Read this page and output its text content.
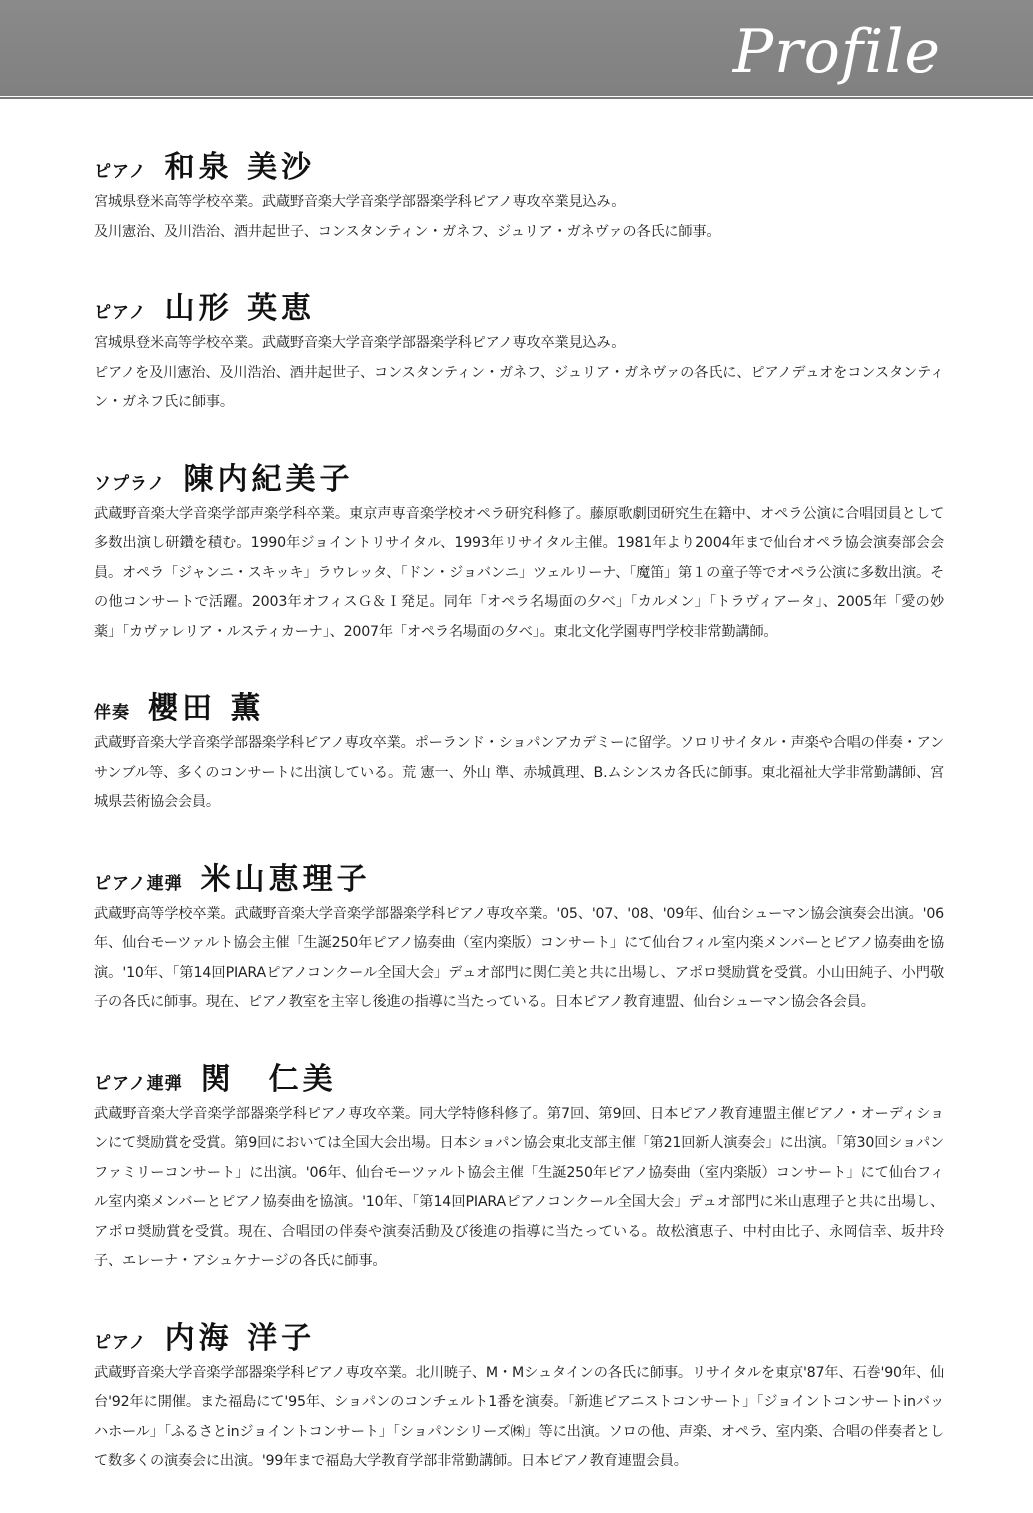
Profile
ピアノ 和泉 美沙

宮城県登米高等学校卒業。武蔵野音楽大学音楽学部器楽学科ピアノ専攻卒業見込み。
及川憲治、及川浩治、酒井起世子、コンスタンティン・ガネフ、ジュリア・ガネヴァの各氏に師事。

ピアノ 山形 英恵

宮城県登米高等学校卒業。武蔵野音楽大学音楽学部器楽学科ピアノ専攻卒業見込み。
ピアノを及川憲治、及川浩治、酒井起世子、コンスタンティン・ガネフ、ジュリア・ガネヴァの各氏に、ピアノデュオをコンスタンティン・ガネフ氏に師事。

ソプラノ 陳内紀美子

武蔵野音楽大学音楽学部声楽学科卒業。東京声専音楽学校オペラ研究科修了。藤原歌劇団研究生在籍中、オペラ公演に合唱団員として多数出演し研鑽を積む。1990年ジョイントリサイタル、1993年リサイタル主催。1981年より2004年まで仙台オペラ協会演奏部会会員。オペラ「ジャンニ・スキッキ」ラウレッタ、「ドン・ジョバンニ」ツェルリーナ、「魔笛」第１の童子等でオペラ公演に多数出演。その他コンサートで活躍。2003年オフィスＧ＆Ｉ発足。同年「オペラ名場面の夕べ」「カルメン」「トラヴィアータ」、2005年「愛の妙薬」「カヴァレリア・ルスティカーナ」、2007年「オペラ名場面の夕べ」。東北文化学園専門学校非常勤講師。

伴奏 櫻田 薫

武蔵野音楽大学音楽学部器楽学科ピアノ専攻卒業。ポーランド・ショパンアカデミーに留学。ソロリサイタル・声楽や合唱の伴奏・アンサンブル等、多くのコンサートに出演している。荒 憲一、外山 準、赤城眞理、B.ムシンスカ各氏に師事。東北福祉大学非常勤講師、宮城県芸術協会会員。

ピアノ連弾 米山恵理子

武蔵野高等学校卒業。武蔵野音楽大学音楽学部器楽学科ピアノ専攻卒業。'05、'07、'08、'09年、仙台シューマン協会演奏会出演。'06年、仙台モーツァルト協会主催「生誕250年ピアノ協奏曲（室内楽版）コンサート」にて仙台フィル室内楽メンバーとピアノ協奏曲を協演。'10年、「第14回PIARAピアノコンクール全国大会」デュオ部門に関仁美と共に出場し、アポロ奨励賞を受賞。小山田純子、小門敬子の各氏に師事。現在、ピアノ教室を主宰し後進の指導に当たっている。日本ピアノ教育連盟、仙台シューマン協会各会員。

ピアノ連弾 関　仁美

武蔵野音楽大学音楽学部器楽学科ピアノ専攻卒業。同大学特修科修了。第7回、第9回、日本ピアノ教育連盟主催ピアノ・オーディションにて奨励賞を受賞。第9回においては全国大会出場。日本ショパン協会東北支部主催「第21回新人演奏会」に出演。「第30回ショパンファミリーコンサート」に出演。'06年、仙台モーツァルト協会主催「生誕250年ピアノ協奏曲（室内楽版）コンサート」にて仙台フィル室内楽メンバーとピアノ協奏曲を協演。'10年、「第14回PIARAピアノコンクール全国大会」デュオ部門に米山恵理子と共に出場し、アポロ奨励賞を受賞。現在、合唱団の伴奏や演奏活動及び後進の指導に当たっている。故松濱恵子、中村由比子、永岡信幸、坂井玲子、エレーナ・アシュケナージの各氏に師事。

ピアノ 内海 洋子

武蔵野音楽大学音楽学部器楽学科ピアノ専攻卒業。北川暁子、M・Mシュタインの各氏に師事。リサイタルを東京'87年、石巻'90年、仙台'92年に開催。また福島にて'95年、ショパンのコンチェルト1番を演奏。「新進ピアニストコンサート」「ジョイントコンサートinバッハホール」「ふるさとinジョイントコンサート」「ショパンシリーズ㈱」等に出演。ソロの他、声楽、オペラ、室内楽、合唱の伴奏者として数多くの演奏会に出演。'99年まで福島大学教育学部非常勤講師。日本ピアノ教育連盟会員。
